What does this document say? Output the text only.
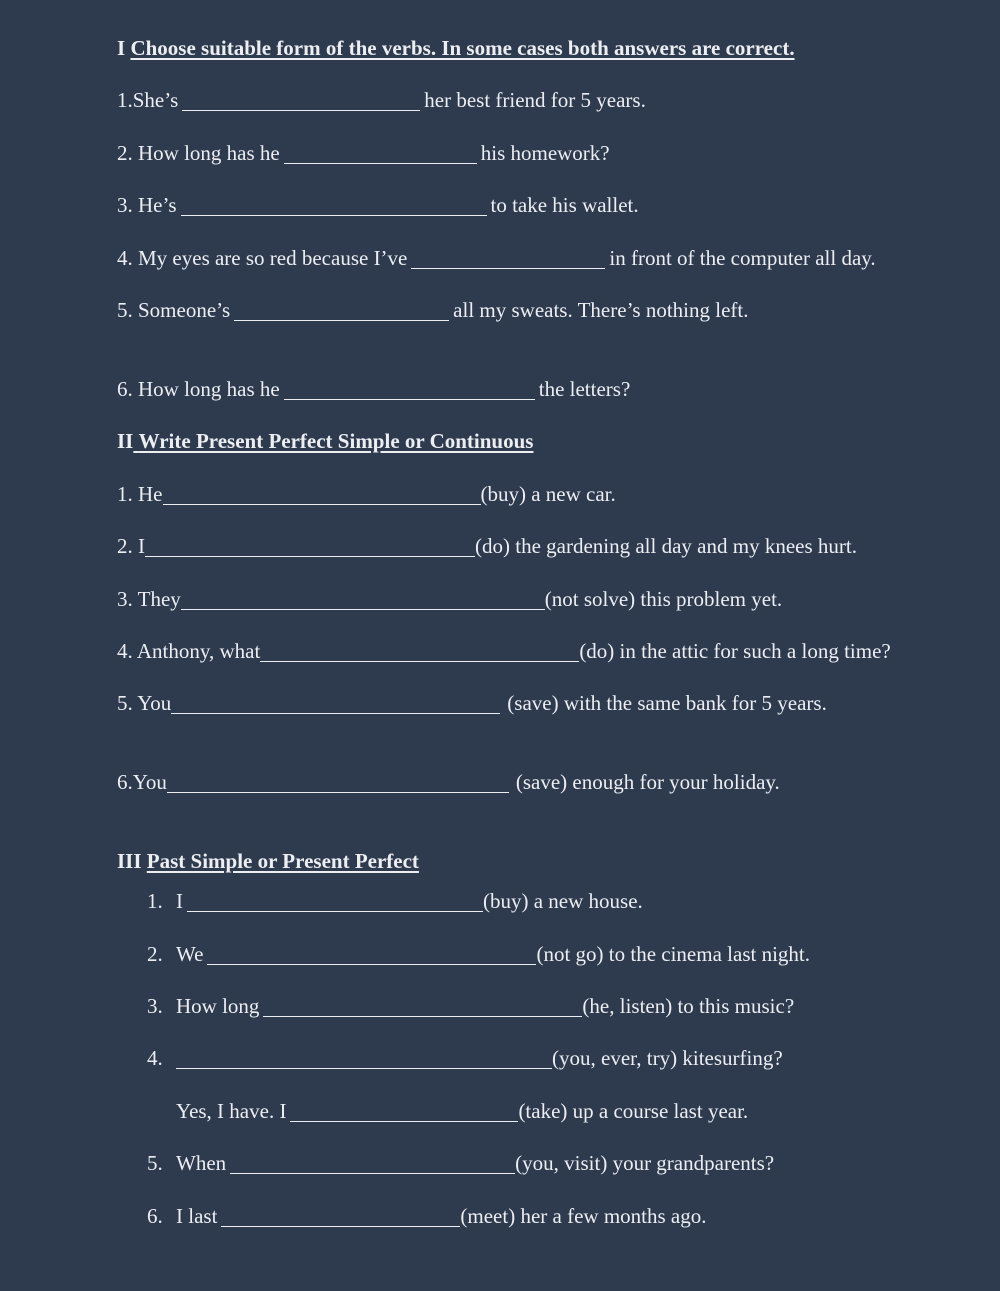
I
Choose suitable form of the verbs. In some cases both answers are correct.
1.She’s	her best friend for 5 years.
2. How long has he	his homework?
3. He’s	to take his wallet.
4. My eyes are so red because I’ve	in front of the computer all day.
5. Someone’s	all my sweats. There’s nothing left.
6. How long has he	the letters?
II Write Present Perfect Simple or Continuous
1. He	(buy) a new car.
2. I	(do) the gardening all day and my knees hurt.
3. They	(not solve) this problem yet.
4. Anthony, what	(do) in the attic for such a long time?
5. You	(save) with the same bank for 5 years.
6.You	(save) enough for your holiday.
III
Past Simple or Present Perfect
1. I	(buy) a new house.
2. We	(not go) to the cinema last night.
3. How long	(he, listen) to this music?
4.	(you, ever, try) kitesurfing?
Yes, I have. I	(take) up a course last year.
5. When	(you, visit) your grandparents?
6. I last	(meet) her a few months ago.
